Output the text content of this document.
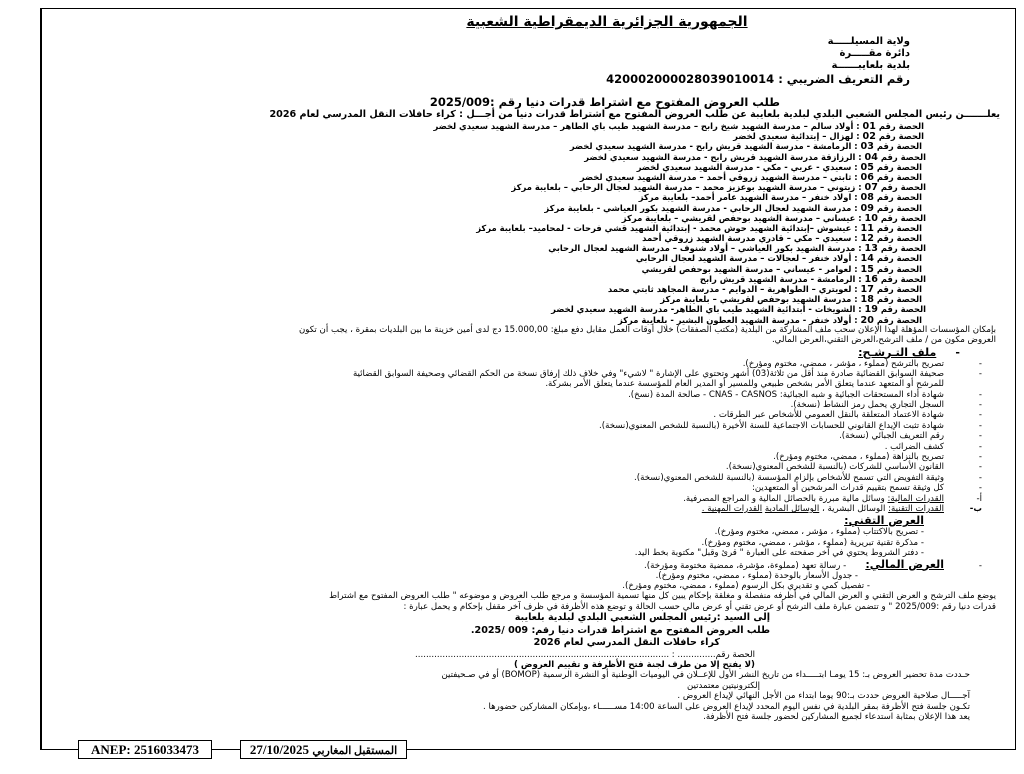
الجمهورية الجزائرية الديمقراطية الشعبية
ولاية المسيلـــــة
دائرة مقـــــرة
بلدية بلعايبــــــة
رقم التعريف الضريبي : 420002000028039010014
طلب العروض المفتوح مع اشتراط قدرات دنيا رقم :2025/009
يعلـــــــن رئيس المجلس الشعبي البلدي لبلدية بلعايبة عن طلب العروض المفتوح مع اشتراط قدرات دنيا من أجـــل : كراء حافلات النقل المدرسي لعام 2026
الحصة رقم 01 : أولاد سالم – مدرسة الشهيد شيخ رابح – مدرسة الشهيد طيب باي الطاهر – مدرسة الشهيد سعيدي لخضر
الحصة رقم 02 : لهزال – إبتدائية سعيدي لخضر
الحصة رقم 03 : الرمامشة - مدرسة الشهيد قريش رابح - مدرسة الشهيد سعيدي لخضر
الحصة رقم 04 : الرزازقة مدرسة الشهيد قريش رابح - مدرسة الشهيد سعيدي لخضر
الحصة رقم 05 : سعيدي - عربي - مكي - مدرسة الشهيد سعيدي لخضر
الحصة رقم 06 : ثابتي – مدرسة الشهيد زروقي أحمد – مدرسة الشهيد سعيدي لخضر
الحصة رقم 07 : زيتوني – مدرسة الشهيد بوعزيز محمد – مدرسة الشهيد لعجال الرحابي – بلعايبة مركز
الحصة رقم 08 : اولاد خنفر – مدرسة الشهيد عامر أحمد– بلعايبة مركز
الحصة رقم 09 : مدرسة الشهيد لعجال الرحابي - مدرسة الشهيد بكور العياشي - بلعايبة مركز
الحصة رقم 10 : عيساني – مدرسة الشهيد بوحفص لقريشي – بلعايبة مركز
الحصة رقم 11 : عيشوش –إبتدائية الشهيد حوش محمد - إبتدائية الشهيد قشي فرحات - لمحاميد– بلعايبة مركز
الحصة رقم 12 : سعيدي – مكي – قادري مدرسة الشهيد زروقي أحمد
الحصة رقم 13 : مدرسة الشهيد بكور العياشي – أولاد شنوف – مدرسة الشهيد لعجال الرحابي
الحصة رقم 14 : أولاد خنفر – لعجالات – مدرسة الشهيد لعجال الرحابي
الحصة رقم 15 : لعوامر - عيساني – مدرسة الشهيد بوحفص لقريشي
الحصة رقم 16 : الرمامشة - مدرسة الشهيد قريش رابح
الحصة رقم 17 : لعويتري – الطواهرية – الدوايم - مدرسة المجاهد ثابتي محمد
الحصة رقم 18 : مدرسة الشهيد بوحفص لقريشي – بلعايبة مركز
الحصة رقم 19 : الشويخات - أبتدائية الشهيد طيب باي الطاهر- مدرسة الشهيد سعيدي لخضر
الحصة رقم 20 : أولاد خنفر - مدرسة الشهيد العطون البشير - بلعايبة مركز
بإمكان المؤسسات المؤهلة لهذا الإعلان سحب ملف المشاركة من البلدية (مكتب الصفقات) خلال أوقات العمل مقابل دفع مبلغ: 15.000,00 دج لدى أمين خزينة ما بين البلديات بمقرة ، يجب أن تكون
العروض مكون من / ملف الترشح،العرض التقني،العرض المالي.
-     ملف التـرشـح:
-تصريح بالترشح (مملوء ، مؤشر ، ممضي، مختوم ومؤرخ).
-صحيفة السوابق القضائية صادرة منذ أقل من ثلاثة(03) أشهر وتحتوي على الإشارة " لاشيء" وفي خلاف ذلك إرفاق نسخة من الحكم القضائي وصحيفة السوابق القضائية
للمرشح أو المتعهد عندما يتعلق الأمر بشخص طبيعي وللمسير أو المدير العام للمؤسسة عندما يتعلق الأمر بشركة.
-شهادة أداء المستحقات الجبائية و شبه الجبائية: CNAS - CASNOS - صالحة المدة (نسخ).
-السجل التجاري يحمل رمز النشاط (نسخة).
-شهادة الاعتماد المتعلقة بالنقل العمومي للأشخاص عبر الطرقات .
-شهادة تثبت الإيداع القانوني للحسابات الاجتماعية للسنة الأخيرة (بالنسبة للشخص المعنوي(نسخة).
-رقم التعريف الجبائي (نسخة).
-كشف الضرائب .
-تصريح بالنزاهة (مملوء ، ممضي، مختوم ومؤرخ).
-القانون الأساسي للشركات (بالنسبة للشخص المعنوي(نسخة).
-وثيقة التفويض التي تسمح للأشخاص بإلزام المؤسسة (بالنسبة للشخص المعنوي(نسخة).
-كل وثيقة تسمح بتقييم قدرات المرشحين أو المتعهدين:
أ-القدرات المالية: وسائل مالية مبررة بالحصائل المالية و المراجع المصرفية.
ب-القدرات التقنية: الوسائل البشرية ، الوسائل المادية القدرات المهنية .
العرض التقني:
- تصريح بالاكتتاب (مملوء ، مؤشر ، ممضي، مختوم ومؤرخ).
- مذكرة تقنية تبريرية (مملوء ، مؤشر ، ممضي، مختوم ومؤرخ).
- دفتر الشروط يحتوي في آخر صفحته على العبارة " قرئ وقبل" مكتوبة بخط اليد.
-العرض المالي:       - رسالة تعهد (مملوءة، مؤشرة، ممضية مختومة ومؤرخة).
- جدول الأسعار بالوحدة (مملوء ، ممضي، مختوم ومؤرخ).
- تفصيل كمي و تقديري بكل الرسوم (مملوء ، ممضي، مختوم ومؤرخ).
يوضع ملف الترشح و العرض التقني و العرض المالي في أظرفه منفصلة و مغلقة بإحكام يبين كل منها تسمية المؤسسة و مرجع طلب العروض و موضوعه " طلب العروض المفتوح مع اشتراط
قدرات دنيا رقم :2025/009 " و تتضمن عبارة ملف الترشح أو عرض تقني أو عرض مالي حسب الحالة و توضع هذه الأظرفة في ظرف آخر مقفل بإحكام و يحمل عبارة :
إلى السيد :رئيس المجلس الشعبي البلدي لبلدية بلعايبة
طلب العروض المفتوح مع اشتراط قدرات دنيا رقم: 009 /2025.
كراء حافلات النقل المدرسي لعام 2026
الحصة رقم.............. : .............................................................................................
(لا يفتح إلا من طرف لجنة فتح الأظرفة و تقييم العروض )
حـددت مدة تحضير العروض بـ: 15 يومـا ابتـــــداء من تاريخ النشر الأول للإعــلان في اليوميات الوطنية أو النشرة الرسمية (BOMOP) أو في صـحيفتين
إلكترونيتين معتمدتين
آجـــــال صلاحية العروض حددت بـ:90 يوما ابتداء من الأجل النهائي لإيداع العروض .
تكـون جلسة فتح الأظرفة بمقر البلدية في نفس اليوم المحدد لإيداع العروض على الساعة 14:00 مســــــاء ،وبإمكان المشاركين حضورها .
يعد هذا الإعلان بمثابة استدعاء لجميع المشاركين لحضور جلسة فتح الأظرفة.
ANEP: 2516033473	المستقبل المغاربي 27/10/2025
